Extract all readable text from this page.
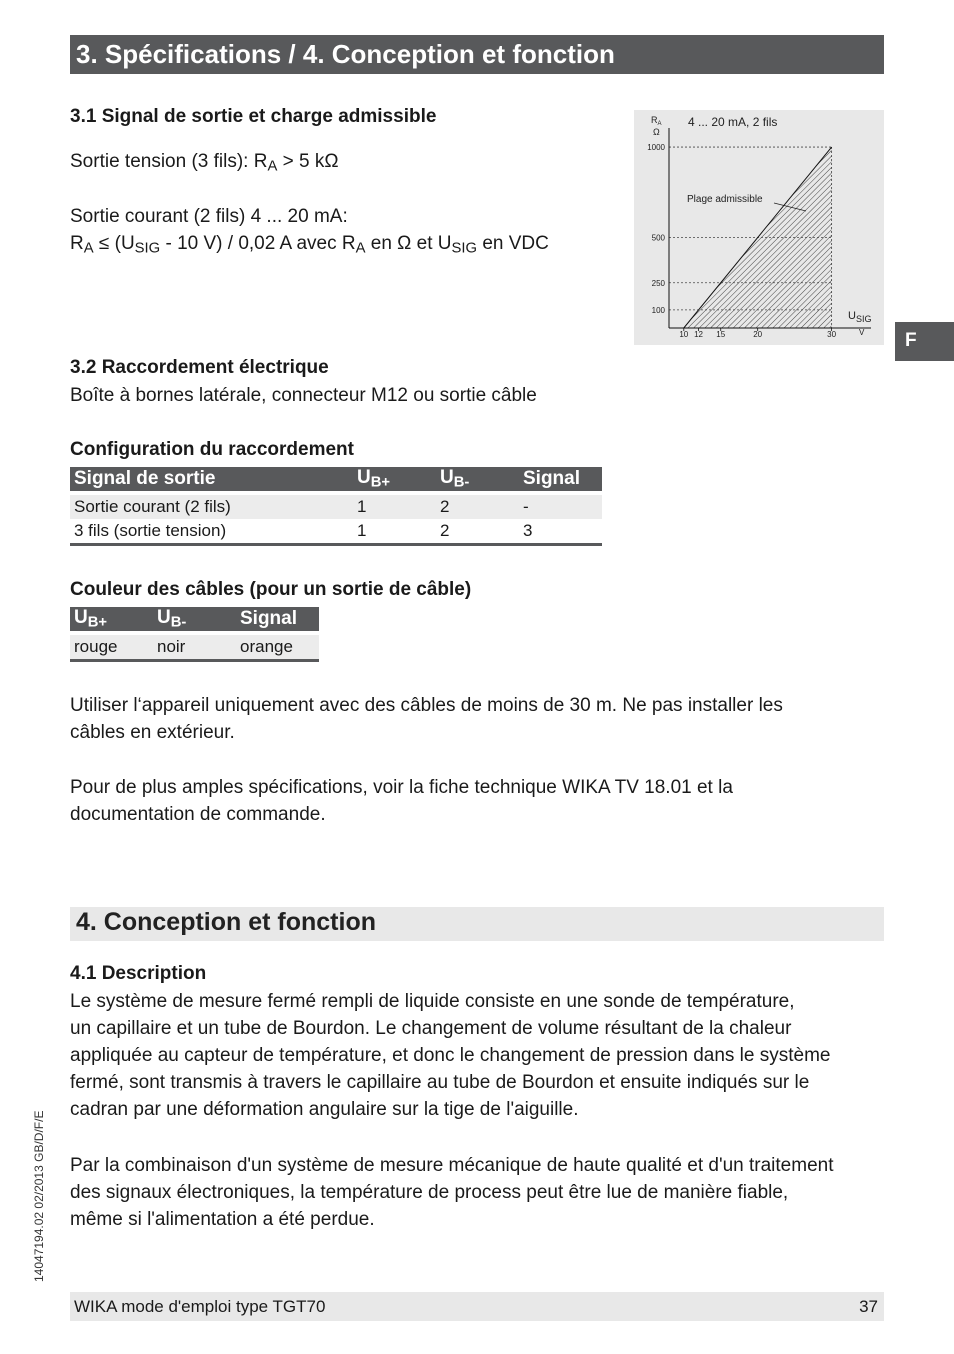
3. Spécifications / 4. Conception et fonction
F
3.1 Signal de sortie et charge admissible
Sortie tension (3 fils): $R_A > 5$ kΩ
Sortie courant (2 fils) 4 ... 20 mA:
$R_A \le (U_{SIG} - 10$ V) / 0,02 A avec $R_A$ en Ω et $U_{SIG}$ en VDC
1000
500
250
100
10 12 15	20	30
$R_A$
Ω
$U_{SIG}$
V
4 ... 20 mA, 2 fils
Plage admissible
3.2 Raccordement électrique
Boîte à bornes latérale, connecteur M12 ou sortie câble
Configuration du raccordement
Signal de sortie	$U_{B+}$	$U_{B-}$	Signal

Sortie courant (2 fils)	1	2	-
3 fils (sortie tension)	1	2	3
Couleur des câbles (pour un sortie de câble)
$U_{B+}$	$U_{B-}$	Signal

rouge	noir	orange
Utiliser l‘appareil uniquement avec des câbles de moins de 30 m. Ne pas installer les
câbles en extérieur.
Pour de plus amples spécifications, voir la fiche technique WIKA TV 18.01 et la
documentation de commande.
4. Conception et fonction
4.1 Description
Le système de mesure fermé rempli de liquide consiste en une sonde de température,
un capillaire et un tube de Bourdon. Le changement de volume résultant de la chaleur
appliquée au capteur de température, et donc le changement de pression dans le système
fermé, sont transmis à travers le capillaire au tube de Bourdon et ensuite indiqués sur le
cadran par une déformation angulaire sur la tige de l'aiguille.
Par la combinaison d'un système de mesure mécanique de haute qualité et d'un traitement
des signaux électroniques, la température de process peut être lue de manière fiable,
même si l'alimentation a été perdue.
14047194.02 02/2013 GB/D/F/E
WIKA mode d'emploi type TGT70	37
